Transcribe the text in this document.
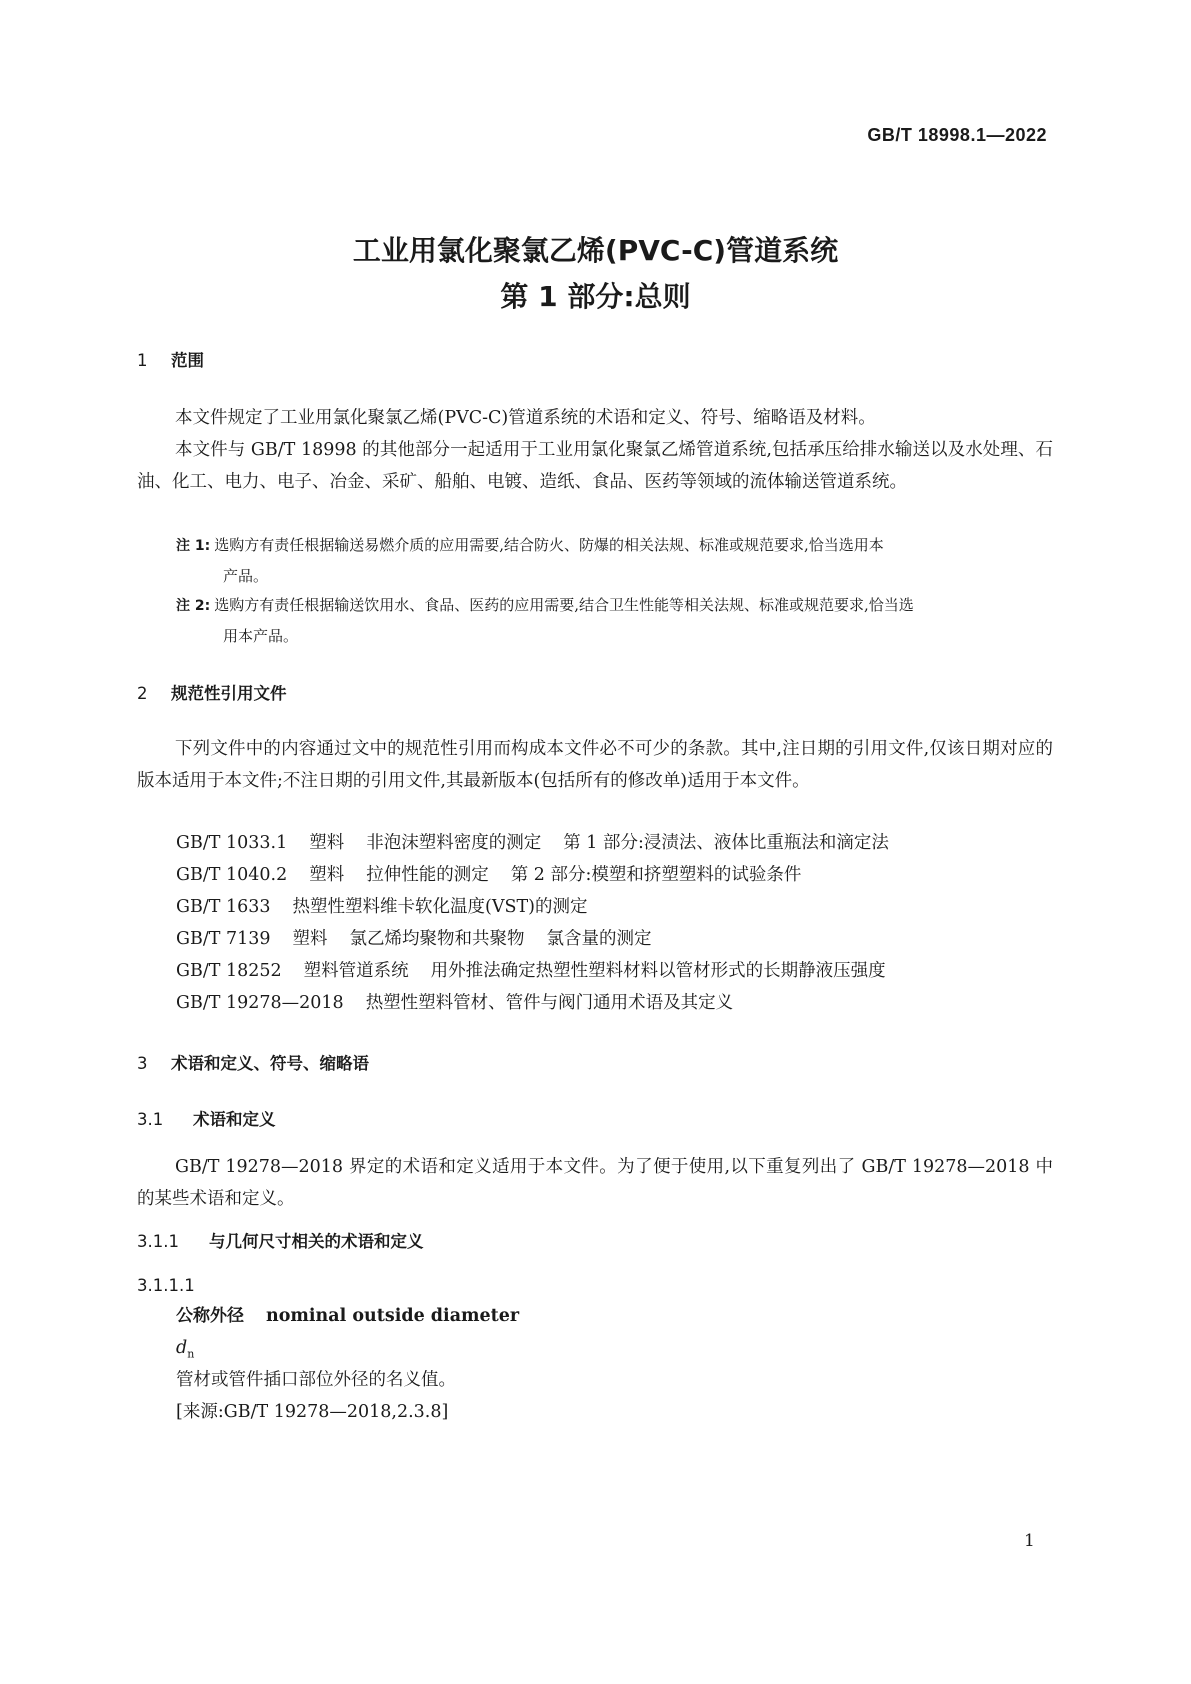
GB/T 18998.1—2022
工业用氯化聚氯乙烯(PVC-C)管道系统
第 1 部分:总则
1 范围
本文件规定了工业用氯化聚氯乙烯(PVC-C)管道系统的术语和定义、符号、缩略语及材料。
本文件与 GB/T 18998 的其他部分一起适用于工业用氯化聚氯乙烯管道系统,包括承压给排水输送以及水处理、石油、化工、电力、电子、冶金、采矿、船舶、电镀、造纸、食品、医药等领域的流体输送管道系统。
注 1: 选购方有责任根据输送易燃介质的应用需要,结合防火、防爆的相关法规、标准或规范要求,恰当选用本
产品。
注 2: 选购方有责任根据输送饮用水、食品、医药的应用需要,结合卫生性能等相关法规、标准或规范要求,恰当选
用本产品。
2 规范性引用文件
下列文件中的内容通过文中的规范性引用而构成本文件必不可少的条款。其中,注日期的引用文件,仅该日期对应的版本适用于本文件;不注日期的引用文件,其最新版本(包括所有的修改单)适用于本文件。
GB/T 1033.1 塑料 非泡沫塑料密度的测定 第 1 部分:浸渍法、液体比重瓶法和滴定法
GB/T 1040.2 塑料 拉伸性能的测定 第 2 部分:模塑和挤塑塑料的试验条件
GB/T 1633 热塑性塑料维卡软化温度(VST)的测定
GB/T 7139 塑料 氯乙烯均聚物和共聚物 氯含量的测定
GB/T 18252 塑料管道系统 用外推法确定热塑性塑料材料以管材形式的长期静液压强度
GB/T 19278—2018 热塑性塑料管材、管件与阀门通用术语及其定义
3 术语和定义、符号、缩略语
3.1 术语和定义
GB/T 19278—2018 界定的术语和定义适用于本文件。为了便于使用,以下重复列出了 GB/T 19278—2018 中的某些术语和定义。
3.1.1 与几何尺寸相关的术语和定义
3.1.1.1
公称外径 nominal outside diameter
$d_n$
管材或管件插口部位外径的名义值。
[来源:GB/T 19278—2018,2.3.8]
1
